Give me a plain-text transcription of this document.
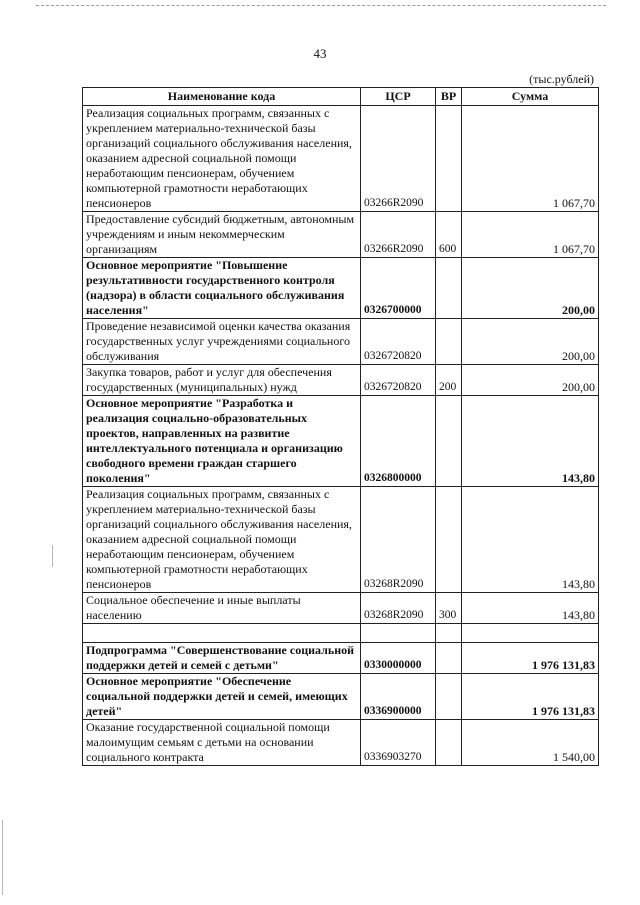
43
(тыс.рублей)
Наименование кода	ЦСР	ВР	Сумма
Реализация социальных программ, связанных с укреплением материально-технической базы организаций социального обслуживания населения, оказанием адресной социальной помощи неработающим пенсионерам, обучением компьютерной грамотности неработающих пенсионеров	03266R2090		1 067,70
Предоставление субсидий бюджетным, автономным учреждениям и иным некоммерческим организациям	03266R2090	600	1 067,70
Основное мероприятие "Повышение результативности государственного контроля (надзора) в области социального обслуживания населения"	0326700000		200,00
Проведение независимой оценки качества оказания государственных услуг учреждениями социального обслуживания	0326720820		200,00
Закупка товаров, работ и услуг для обеспечения государственных (муниципальных) нужд	0326720820	200	200,00
Основное мероприятие "Разработка и реализация социально-образовательных проектов, направленных на развитие интеллектуального потенциала и организацию свободного времени граждан старшего поколения"	0326800000		143,80
Реализация социальных программ, связанных с укреплением материально-технической базы организаций социального обслуживания населения, оказанием адресной социальной помощи неработающим пенсионерам, обучением компьютерной грамотности неработающих пенсионеров	03268R2090		143,80
Социальное обеспечение и иные выплаты населению	03268R2090	300	143,80

Подпрограмма "Совершенствование социальной поддержки детей и семей с детьми"	0330000000		1 976 131,83
Основное мероприятие "Обеспечение социальной поддержки детей и семей, имеющих детей"	0336900000		1 976 131,83
Оказание государственной социальной помощи малоимущим семьям с детьми на основании социального контракта	0336903270		1 540,00
